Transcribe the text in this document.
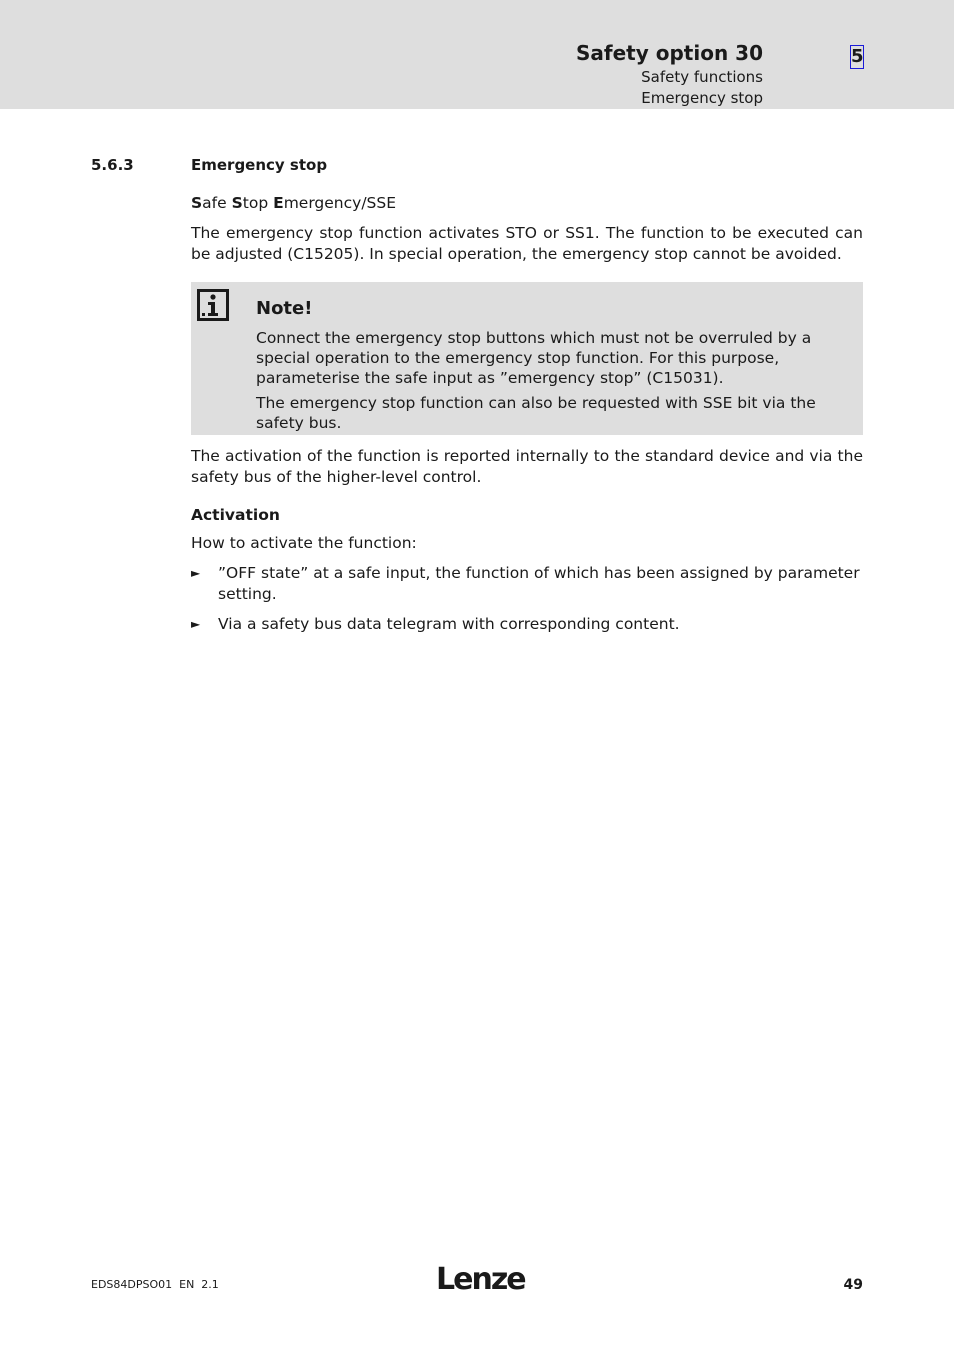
Safety option 30
Safety functions
Emergency stop
5
5.6.3	Emergency stop
Safe Stop Emergency/SSE
The emergency stop function activates STO or SS1. The function to be executed can be adjusted (C15205). In special operation, the emergency stop cannot be avoided.
Note!
Connect the emergency stop buttons which must not be overruled by a special operation to the emergency stop function. For this purpose, parameterise the safe input as ”emergency stop” (C15031).
The emergency stop function can also be requested with SSE bit via the safety bus.
The activation of the function is reported internally to the standard device and via the safety bus of the higher-level control.
Activation
How to activate the function:
► ”OFF state” at a safe input, the function of which has been assigned by parameter setting.
► Via a safety bus data telegram with corresponding content.
EDS84DPSO01  EN  2.1	Lenze	49
